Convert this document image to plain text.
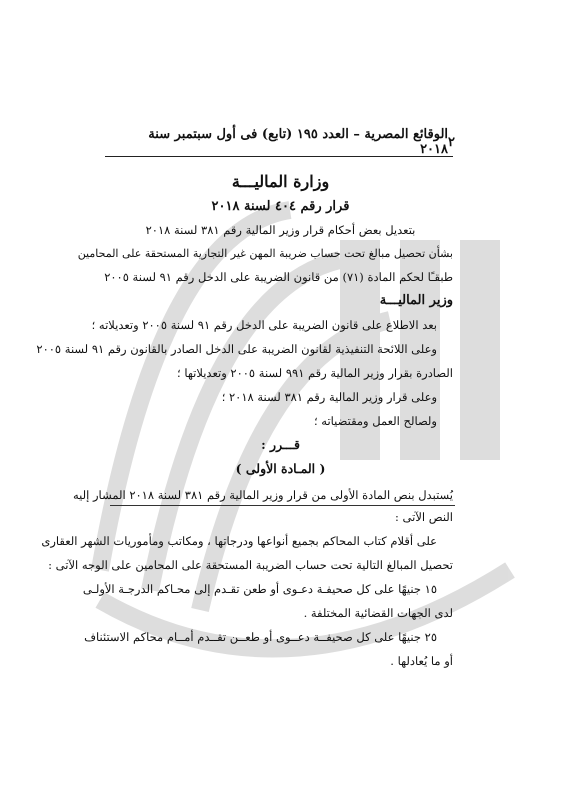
٢
الوقائع المصرية – العدد ١٩٥ (تابع) فى أول سبتمبر سنة ٢٠١٨
وزارة الماليـــة
قرار رقم ٤٠٤ لسنة ٢٠١٨
بتعديل بعض أحكام قرار وزير المالية رقم ٣٨١ لسنة ٢٠١٨
بشأن تحصيل مبالغ تحت حساب ضريبة المهن غير التجارية المستحقة على المحامين
طبقـًا لحكم المادة (٧١) من قانون الضريبة على الدخل رقم ٩١ لسنة ٢٠٠٥
وزير الماليـــة
بعد الاطلاع على قانون الضريبة على الدخل رقم ٩١ لسنة ٢٠٠٥ وتعديلاته ؛
وعلى اللائحة التنفيذية لقانون الضريبة على الدخل الصادر بالقانون رقم ٩١ لسنة ٢٠٠٥
الصادرة بقرار وزير المالية رقم ٩٩١ لسنة ٢٠٠٥ وتعديلاتها ؛
وعلى قرار وزير المالية رقم ٣٨١ لسنة ٢٠١٨ ؛
ولصالح العمل ومقتضياته ؛
قـــرر :
( المـادة الأولى )
يُستبدل بنص المادة الأولى من قرار وزير المالية رقم ٣٨١ لسنة ٢٠١٨ المشار إليه
النص الآتى :
على أقلام كتاب المحاكم بجميع أنواعها ودرجاتها ، ومكاتب ومأموريات الشهر العقارى
تحصيل المبالغ التالية تحت حساب الضريبة المستحقة على المحامين على الوجه الآتى :
١٥ جنيهًا على كل صحيفـة دعـوى أو طعن تقـدم إلى محـاكم الدرجـة الأولـى
لدى الجهات القضائية المختلفة .
٢٥ جنيهًا على كل صحيفــة دعــوى أو طعــن تقــدم أمــام محاكم الاستئناف
أو ما يُعادلها .
